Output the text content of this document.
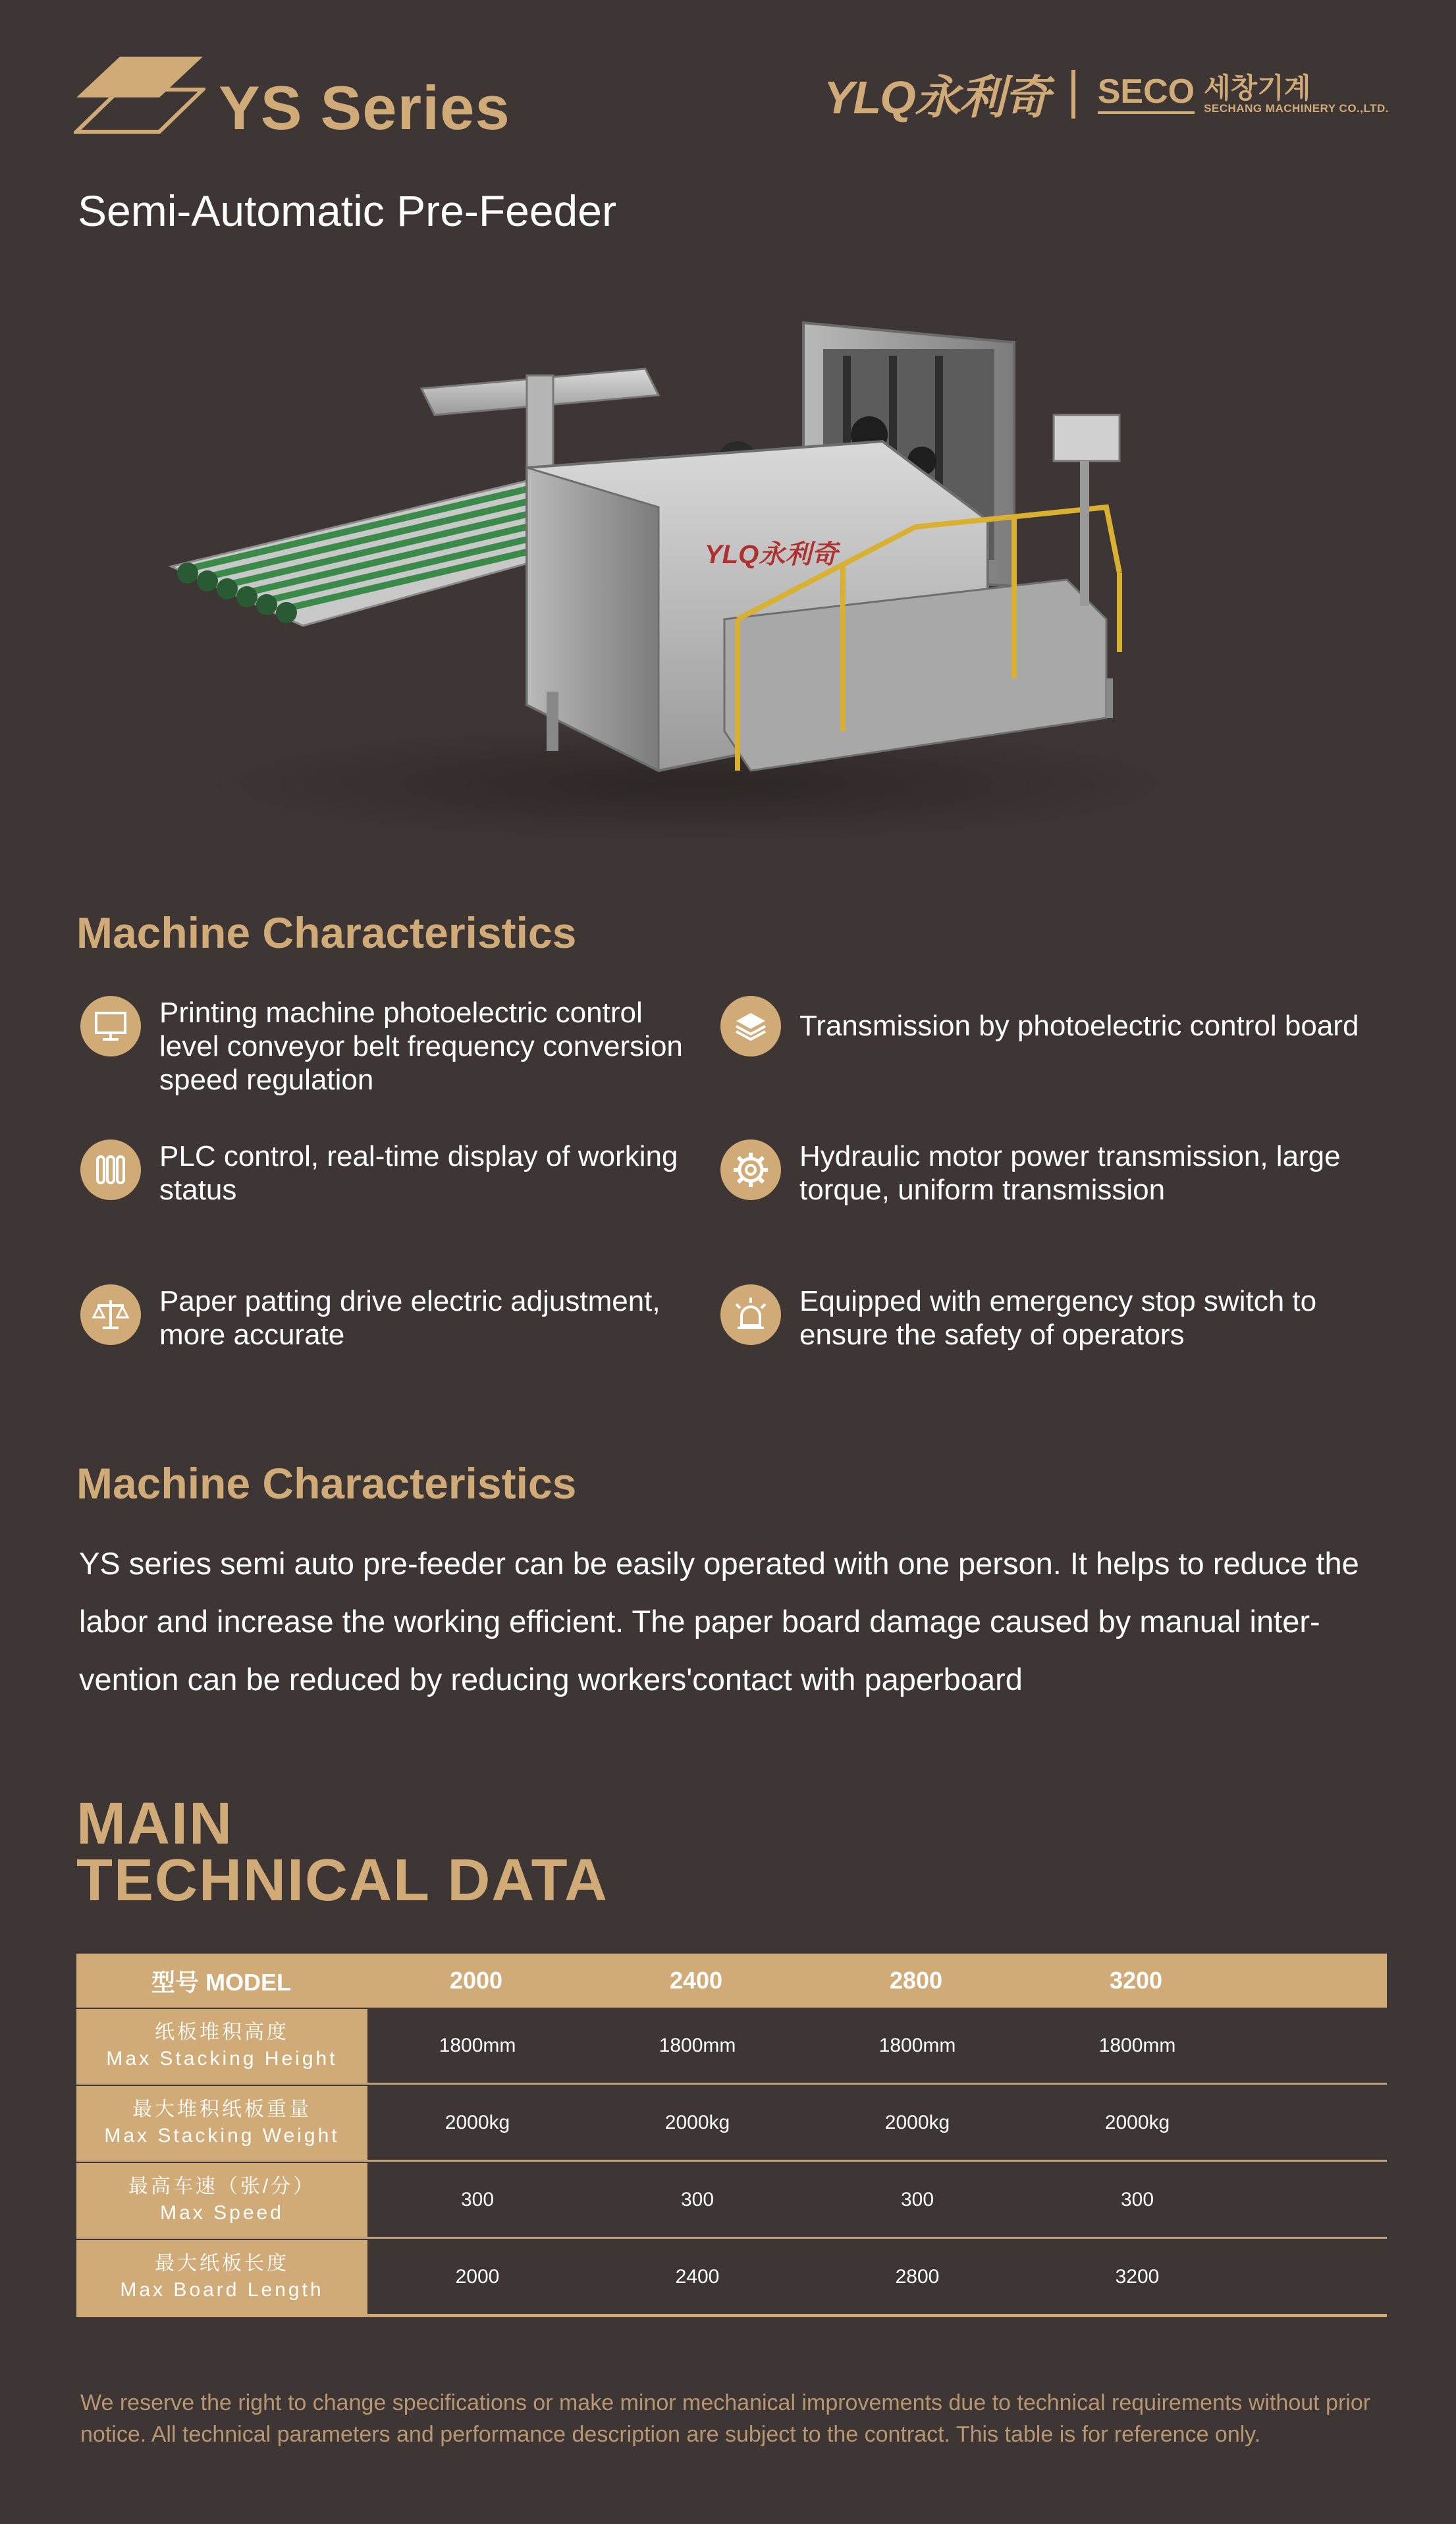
YS Series	YLQ永利奇 SECO 세창기계
SECHANG MACHINERY CO.,LTD.
Semi-Automatic Pre-Feeder
YLQ永利奇
Machine Characteristics
Printing machine photoelectric control level conveyor belt frequency conversion speed regulation
Transmission by photoelectric control board
PLC control, real-time display of working status
Hydraulic motor power transmission, large torque, uniform transmission
Paper patting drive electric adjustment, more accurate
Equipped with emergency stop switch to ensure the safety of operators
Machine Characteristics
YS series semi auto pre-feeder can be easily operated with one person. It helps to reduce the labor and increase the working efficient. The paper board damage caused by manual inter-vention can be reduced by reducing workers'contact with paperboard
MAIN
TECHNICAL DATA
型号 MODEL	2000	2400	2800	3200
纸板堆积高度
Max Stacking Height
1800mm	1800mm	1800mm	1800mm
最大堆积纸板重量
Max Stacking Weight
2000kg	2000kg	2000kg	2000kg
最高车速（张/分）
Max Speed
300	300	300	300
最大纸板长度
Max Board Length
2000	2400	2800	3200
We reserve the right to change specifications or make minor mechanical improvements due to technical requirements without prior notice. All technical parameters and performance description are subject to the contract. This table is for reference only.
